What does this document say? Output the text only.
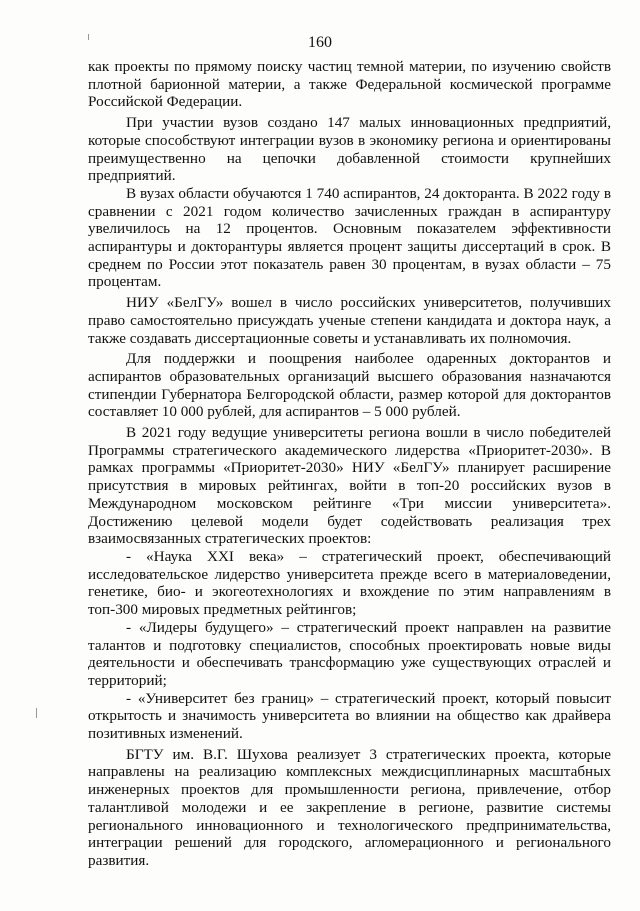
160

как проекты по прямому поиску частиц темной материи, по изучению свойств плотной барионной материи, а также Федеральной космической программе Российской Федерации.

При участии вузов создано 147 малых инновационных предприятий, которые способствуют интеграции вузов в экономику региона и ориентированы преимущественно на цепочки добавленной стоимости крупнейших предприятий.

В вузах области обучаются 1 740 аспирантов, 24 докторанта. В 2022 году в сравнении с 2021 годом количество зачисленных граждан в аспирантуру увеличилось на 12 процентов. Основным показателем эффективности аспирантуры и докторантуры является процент защиты диссертаций в срок. В среднем по России этот показатель равен 30 процентам, в вузах области – 75 процентам.

НИУ «БелГУ» вошел в число российских университетов, получивших право самостоятельно присуждать ученые степени кандидата и доктора наук, а также создавать диссертационные советы и устанавливать их полномочия.

Для поддержки и поощрения наиболее одаренных докторантов и аспирантов образовательных организаций высшего образования назначаются стипендии Губернатора Белгородской области, размер которой для докторантов составляет 10 000 рублей, для аспирантов – 5 000 рублей.

В 2021 году ведущие университеты региона вошли в число победителей Программы стратегического академического лидерства «Приоритет-2030». В рамках программы «Приоритет-2030» НИУ «БелГУ» планирует расширение присутствия в мировых рейтингах, войти в топ-20 российских вузов в Международном московском рейтинге «Три миссии университета». Достижению целевой модели будет содействовать реализация трех взаимосвязанных стратегических проектов:

- «Наука XXI века» – стратегический проект, обеспечивающий исследовательское лидерство университета прежде всего в материаловедении, генетике, био- и экогеотехнологиях и вхождение по этим направлениям в топ-300 мировых предметных рейтингов;

- «Лидеры будущего» – стратегический проект направлен на развитие талантов и подготовку специалистов, способных проектировать новые виды деятельности и обеспечивать трансформацию уже существующих отраслей и территорий;

- «Университет без границ» – стратегический проект, который повысит открытость и значимость университета во влиянии на общество как драйвера позитивных изменений.

БГТУ им. В.Г. Шухова реализует 3 стратегических проекта, которые направлены на реализацию комплексных междисциплинарных масштабных инженерных проектов для промышленности региона, привлечение, отбор талантливой молодежи и ее закрепление в регионе, развитие системы регионального инновационного и технологического предпринимательства, интеграции решений для городского, агломерационного и регионального развития.
